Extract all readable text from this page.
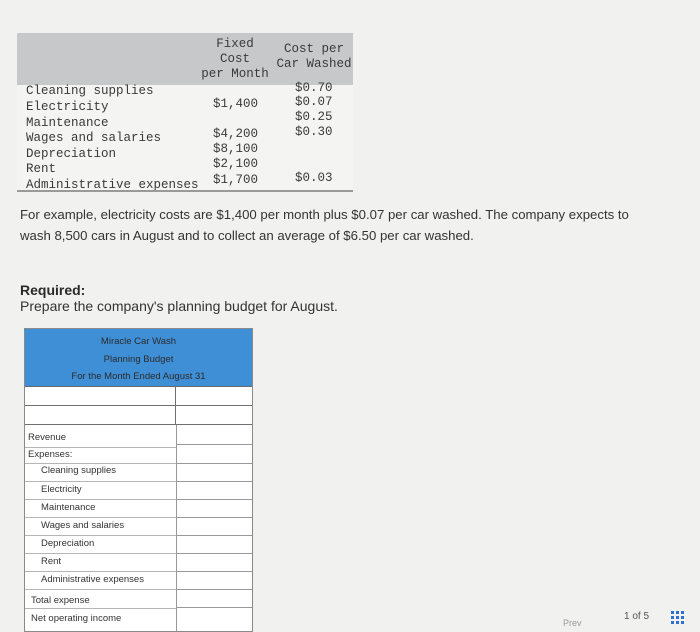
Fixed
Cost
per Month
Cost per
Car Washed
Cleaning supplies
Electricity
Maintenance
Wages and salaries
Depreciation
Rent
Administrative expenses
$1,400
$4,200
$8,100
$2,100
$1,700
$0.70
$0.07
$0.25
$0.30
$0.03
For example, electricity costs are $1,400 per month plus $0.07 per car washed. The company expects to
wash 8,500 cars in August and to collect an average of $6.50 per car washed.
Required:
Prepare the company's planning budget for August.
Miracle Car Wash
Planning Budget
For the Month Ended August 31
Revenue
Expenses:
Cleaning supplies
Electricity
Maintenance
Wages and salaries
Depreciation
Rent
Administrative expenses
Total expense
Net operating income	Prev
1 of 5
